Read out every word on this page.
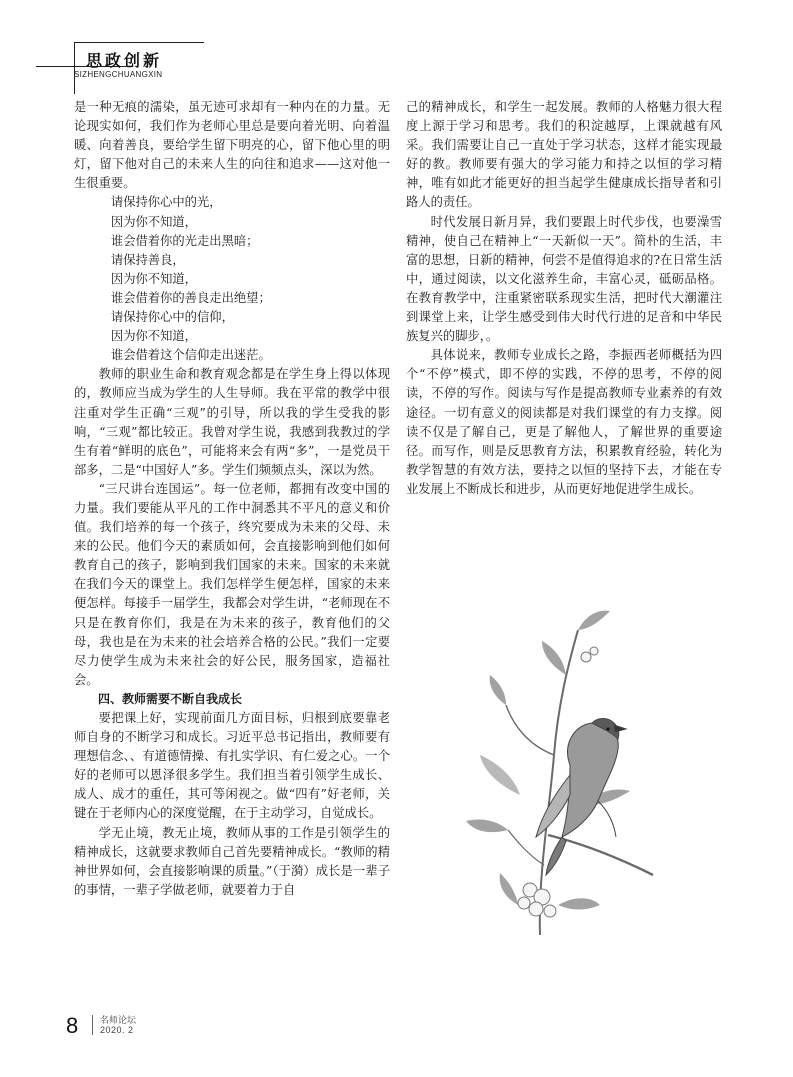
思政创新
SIZHENGCHUANGXIN

是一种无痕的濡染，虽无迹可求却有一种内在的力量。无论现实如何，我们作为老师心里总是要向着光明、向着温暖、向着善良，要给学生留下明亮的心，留下他心里的明灯，留下他对自己的未来人生的向往和追求——这对他一生很重要。

请保持你心中的光，

因为你不知道，

谁会借着你的光走出黑暗；

请保持善良，

因为你不知道，

谁会借着你的善良走出绝望；

请保持你心中的信仰，

因为你不知道，

谁会借着这个信仰走出迷茫。

教师的职业生命和教育观念都是在学生身上得以体现的，教师应当成为学生的人生导师。我在平常的教学中很注重对学生正确“三观”的引导，所以我的学生受我的影响，“三观”都比较正。我曾对学生说，我感到我教过的学生有着“鲜明的底色”，可能将来会有两“多”，一是党员干部多，二是“中国好人”多。学生们频频点头，深以为然。

“三尺讲台连国运”。每一位老师，都拥有改变中国的力量。我们要能从平凡的工作中洞悉其不平凡的意义和价值。我们培养的每一个孩子，终究要成为未来的父母、未来的公民。他们今天的素质如何，会直接影响到他们如何教育自己的孩子，影响到我们国家的未来。国家的未来就在我们今天的课堂上。我们怎样学生便怎样，国家的未来便怎样。每接手一届学生，我都会对学生讲，“老师现在不只是在教育你们，我是在为未来的孩子，教育他们的父母，我也是在为未来的社会培养合格的公民。”我们一定要尽力使学生成为未来社会的好公民，服务国家，造福社会。

四、教师需要不断自我成长

要把课上好，实现前面几方面目标，归根到底要靠老师自身的不断学习和成长。习近平总书记指出，教师要有理想信念、、有道德情操、有扎实学识、有仁爱之心。一个好的老师可以恩泽很多学生。我们担当着引领学生成长、成人、成才的重任，其可等闲视之。做“四有”好老师，关键在于老师内心的深度觉醒，在于主动学习，自觉成长。

学无止境，教无止境，教师从事的工作是引领学生的精神成长，这就要求教师自己首先要精神成长。“教师的精神世界如何，会直接影响课的质量。”（于漪）成长是一辈子的事情，一辈子学做老师，就要着力于自

己的精神成长，和学生一起发展。教师的人格魅力很大程度上源于学习和思考。我们的积淀越厚，上课就越有风采。我们需要让自己一直处于学习状态，这样才能实现最好的教。教师要有强大的学习能力和持之以恒的学习精神，唯有如此才能更好的担当起学生健康成长指导者和引路人的责任。

时代发展日新月异，我们要跟上时代步伐，也要澡雪精神，使自己在精神上“一天新似一天”。简朴的生活，丰富的思想，日新的精神，何尝不是值得追求的?在日常生活中，通过阅读，以文化滋养生命，丰富心灵，砥砺品格。在教育教学中，注重紧密联系现实生活，把时代大潮灌注到课堂上来，让学生感受到伟大时代行进的足音和中华民族复兴的脚步，。

具体说来，教师专业成长之路，李振西老师概括为四个“不停”模式，即不停的实践，不停的思考，不停的阅读，不停的写作。阅读与写作是提高教师专业素养的有效途径。一切有意义的阅读都是对我们课堂的有力支撑。阅读不仅是了解自己，更是了解他人，了解世界的重要途径。而写作，则是反思教育方法，积累教育经验，转化为教学智慧的有效方法，要持之以恒的坚持下去，才能在专业发展上不断成长和进步，从而更好地促进学生成长。

8 名师论坛
2020. 2
